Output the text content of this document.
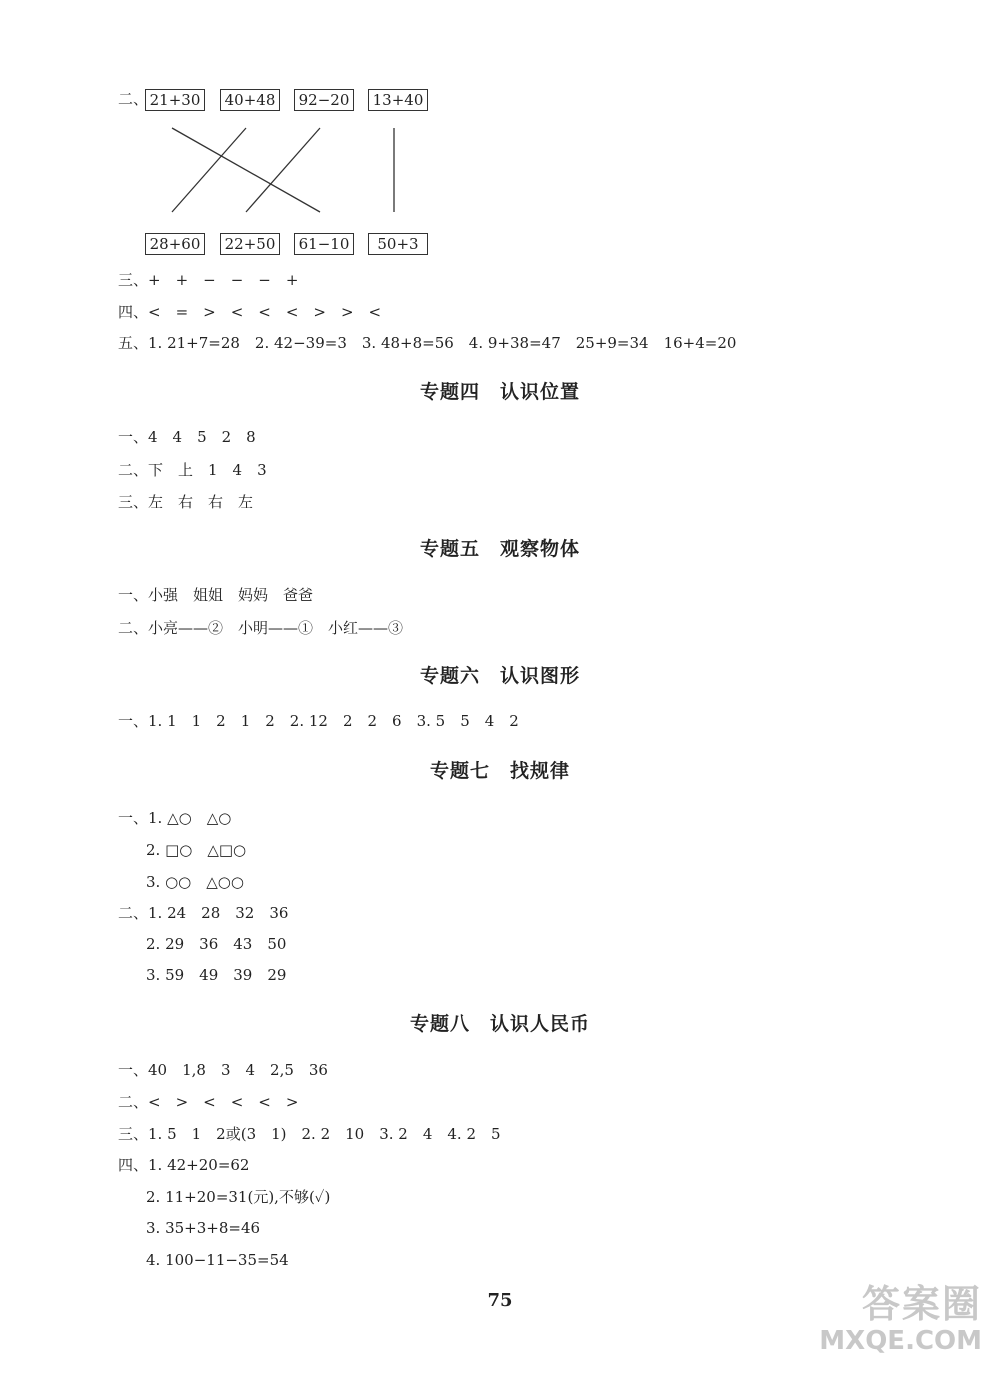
二、 21+30	40+48	92−20	13+40
28+60	22+50	61−10	50+3
三、+　+　−　−　−　+
四、<　=　>　<　<　<　>　>　<
五、1. 21+7=28　2. 42−39=3　3. 48+8=56　4. 9+38=47　25+9=34　16+4=20
专题四　认识位置
一、4　4　5　2　8
二、下　上　1　4　3
三、左　右　右　左
专题五　观察物体
一、小强　姐姐　妈妈　爸爸
二、小亮——②　小明——①　小红——③
专题六　认识图形
一、1. 1　1　2　1　2　2. 12　2　2　6　3. 5　5　4　2
专题七　找规律
一、1. △○　△○
2. □○　△□○
3. ○○　△○○
二、1. 24　28　32　36
2. 29　36　43　50
3. 59　49　39　29
专题八　认识人民币
一、40　1,8　3　4　2,5　36
二、<　>　<　<　<　>
三、1. 5　1　2或(3　1)　2. 2　10　3. 2　4　4. 2　5
四、1. 42+20=62
2. 11+20=31(元),不够(✓)
3. 35+3+8=46
4. 100−11−35=54
75	答案圈
MXQE.COM
